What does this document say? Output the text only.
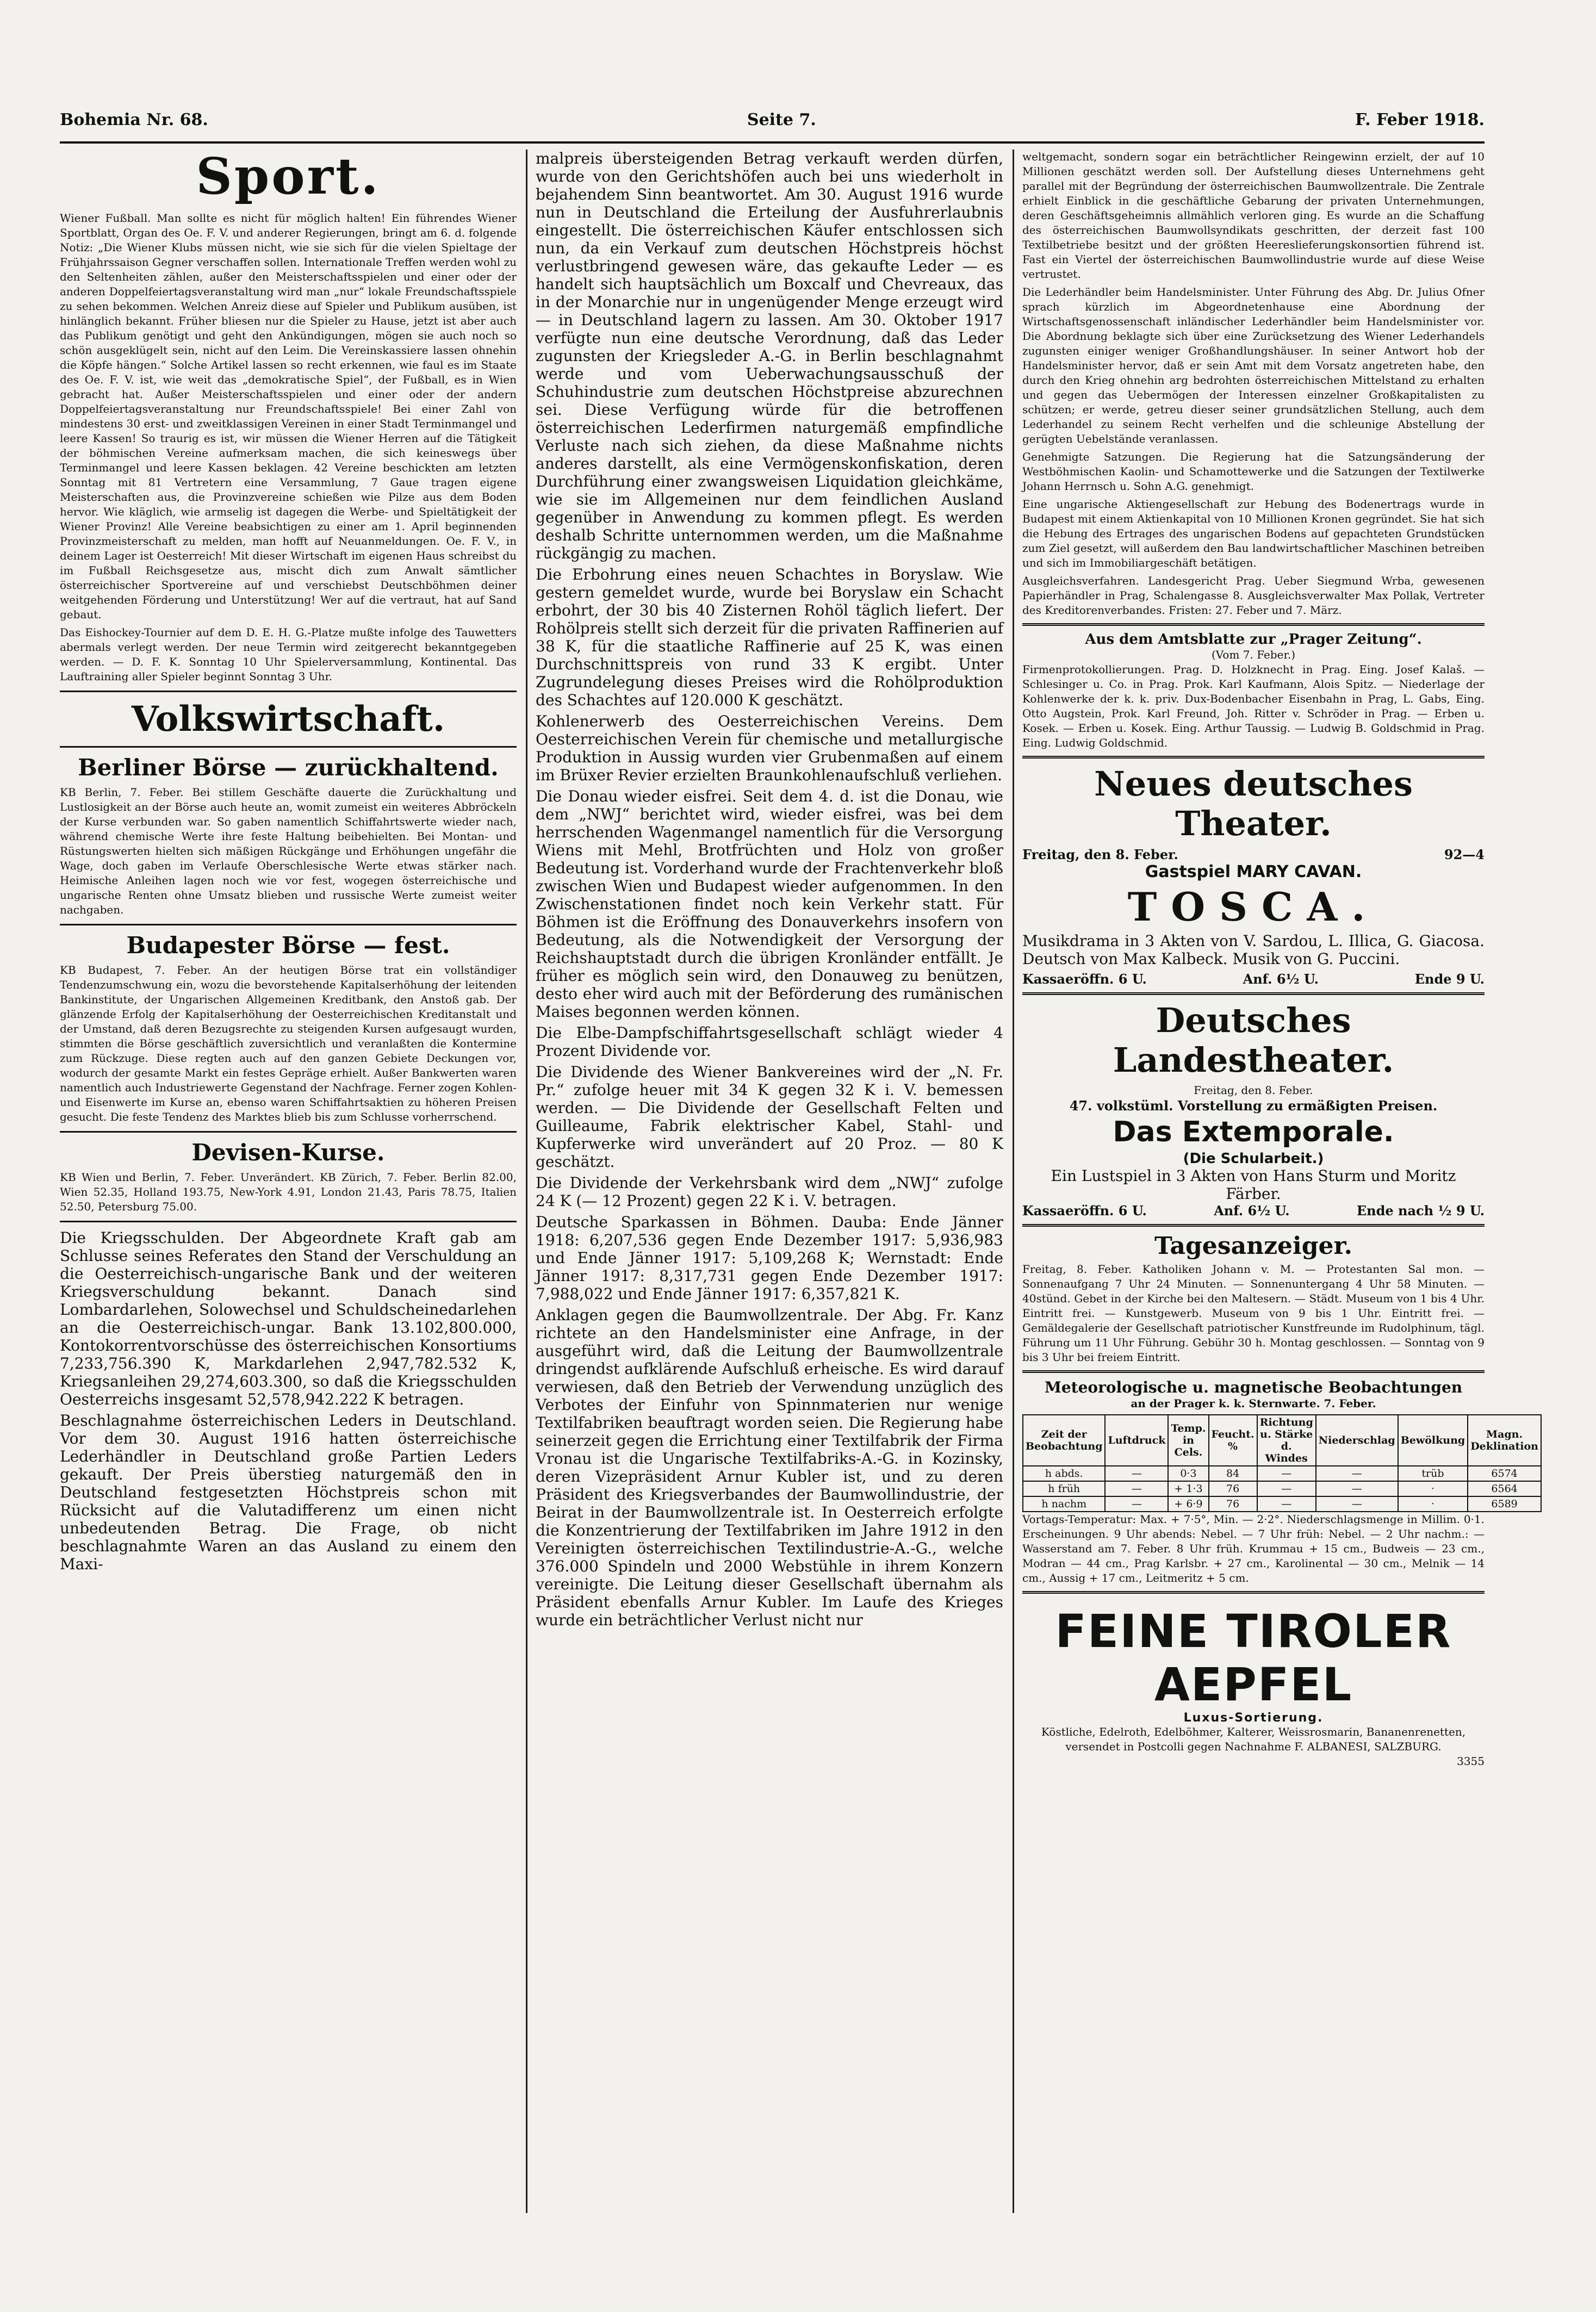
Bohemia Nr. 68.	Seite 7.	F. Feber 1918.
Sport.

Wiener Fußball. Man sollte es nicht für möglich halten! Ein führendes Wiener Sportblatt, Organ des Oe. F. V. und anderer Regierungen, bringt am 6. d. folgende Notiz: „Die Wiener Klubs müssen nicht, wie sie sich für die vielen Spieltage der Frühjahrssaison Gegner verschaffen sollen. Internationale Treffen werden wohl zu den Seltenheiten zählen, außer den Meisterschaftsspielen und einer oder der anderen Doppelfeiertagsveranstaltung wird man „nur“ lokale Freundschaftsspiele zu sehen bekommen. Welchen Anreiz diese auf Spieler und Publikum ausüben, ist hinlänglich bekannt. Früher bliesen nur die Spieler zu Hause, jetzt ist aber auch das Publikum genötigt und geht den Ankündigungen, mögen sie auch noch so schön ausgeklügelt sein, nicht auf den Leim. Die Vereinskassiere lassen ohnehin die Köpfe hängen.“ Solche Artikel lassen so recht erkennen, wie faul es im Staate des Oe. F. V. ist, wie weit das „demokratische Spiel“, der Fußball, es in Wien gebracht hat. Außer Meisterschaftsspielen und einer oder der andern Doppelfeiertagsveranstaltung nur Freundschaftsspiele! Bei einer Zahl von mindestens 30 erst- und zweitklassigen Vereinen in einer Stadt Terminmangel und leere Kassen! So traurig es ist, wir müssen die Wiener Herren auf die Tätigkeit der böhmischen Vereine aufmerksam machen, die sich keineswegs über Terminmangel und leere Kassen beklagen. 42 Vereine beschickten am letzten Sonntag mit 81 Vertretern eine Versammlung, 7 Gaue tragen eigene Meisterschaften aus, die Provinzvereine schießen wie Pilze aus dem Boden hervor. Wie kläglich, wie armselig ist dagegen die Werbe- und Spieltätigkeit der Wiener Provinz! Alle Vereine beabsichtigen zu einer am 1. April beginnenden Provinzmeisterschaft zu melden, man hofft auf Neuanmeldungen. Oe. F. V., in deinem Lager ist Oesterreich! Mit dieser Wirtschaft im eigenen Haus schreibst du im Fußball Reichsgesetze aus, mischt dich zum Anwalt sämtlicher österreichischer Sportvereine auf und verschiebst Deutschböhmen deiner weitgehenden Förderung und Unterstützung! Wer auf die vertraut, hat auf Sand gebaut.

Das Eishockey-Tournier auf dem D. E. H. G.-Platze mußte infolge des Tauwetters abermals verlegt werden. Der neue Termin wird zeitgerecht bekanntgegeben werden. — D. F. K. Sonntag 10 Uhr Spielerversammlung, Kontinental. Das Lauftraining aller Spieler beginnt Sonntag 3 Uhr.

Volkswirtschaft.
Berliner Börse — zurückhaltend.

KB Berlin, 7. Feber. Bei stillem Geschäfte dauerte die Zurückhaltung und Lustlosigkeit an der Börse auch heute an, womit zumeist ein weiteres Abbröckeln der Kurse verbunden war. So gaben namentlich Schiffahrtswerte wieder nach, während chemische Werte ihre feste Haltung beibehielten. Bei Montan- und Rüstungswerten hielten sich mäßigen Rückgänge und Erhöhungen ungefähr die Wage, doch gaben im Verlaufe Oberschlesische Werte etwas stärker nach. Heimische Anleihen lagen noch wie vor fest, wogegen österreichische und ungarische Renten ohne Umsatz blieben und russische Werte zumeist weiter nachgaben.

Budapester Börse — fest.

KB Budapest, 7. Feber. An der heutigen Börse trat ein vollständiger Tendenzumschwung ein, wozu die bevorstehende Kapitalserhöhung der leitenden Bankinstitute, der Ungarischen Allgemeinen Kreditbank, den Anstoß gab. Der glänzende Erfolg der Kapitalserhöhung der Oesterreichischen Kreditanstalt und der Umstand, daß deren Bezugsrechte zu steigenden Kursen aufgesaugt wurden, stimmten die Börse geschäftlich zuversichtlich und veranlaßten die Kontermine zum Rückzuge. Diese regten auch auf den ganzen Gebiete Deckungen vor, wodurch der gesamte Markt ein festes Gepräge erhielt. Außer Bankwerten waren namentlich auch Industriewerte Gegenstand der Nachfrage. Ferner zogen Kohlen- und Eisenwerte im Kurse an, ebenso waren Schiffahrtsaktien zu höheren Preisen gesucht. Die feste Tendenz des Marktes blieb bis zum Schlusse vorherrschend.

Devisen-Kurse.

KB Wien und Berlin, 7. Feber. Unverändert. KB Zürich, 7. Feber. Berlin 82.00, Wien 52.35, Holland 193.75, New-York 4.91, London 21.43, Paris 78.75, Italien 52.50, Petersburg 75.00.

Die Kriegsschulden. Der Abgeordnete Kraft gab am Schlusse seines Referates den Stand der Verschuldung an die Oesterreichisch-ungarische Bank und der weiteren Kriegsverschuldung bekannt. Danach sind Lombardarlehen, Solowechsel und Schuldscheinedarlehen an die Oesterreichisch-ungar. Bank 13.102,800.000, Kontokorrentvorschüsse des österreichischen Konsortiums 7,233,756.390 K, Markdarlehen 2,947,782.532 K, Kriegsanleihen 29,274,603.300, so daß die Kriegsschulden Oesterreichs insgesamt 52,578,942.222 K betragen.

Beschlagnahme österreichischen Leders in Deutschland. Vor dem 30. August 1916 hatten österreichische Lederhändler in Deutschland große Partien Leders gekauft. Der Preis überstieg naturgemäß den in Deutschland festgesetzten Höchstpreis schon mit Rücksicht auf die Valutadifferenz um einen nicht unbedeutenden Betrag. Die Frage, ob nicht beschlagnahmte Waren an das Ausland zu einem den Maxi-

malpreis übersteigenden Betrag verkauft werden dürfen, wurde von den Gerichtshöfen auch bei uns wiederholt in bejahendem Sinn beantwortet. Am 30. August 1916 wurde nun in Deutschland die Erteilung der Ausfuhrerlaubnis eingestellt. Die österreichischen Käufer entschlossen sich nun, da ein Verkauf zum deutschen Höchstpreis höchst verlustbringend gewesen wäre, das gekaufte Leder — es handelt sich hauptsächlich um Boxcalf und Chevreaux, das in der Monarchie nur in ungenügender Menge erzeugt wird — in Deutschland lagern zu lassen. Am 30. Oktober 1917 verfügte nun eine deutsche Verordnung, daß das Leder zugunsten der Kriegsleder A.-G. in Berlin beschlagnahmt werde und vom Ueberwachungsausschuß der Schuhindustrie zum deutschen Höchstpreise abzurechnen sei. Diese Verfügung würde für die betroffenen österreichischen Lederfirmen naturgemäß empfindliche Verluste nach sich ziehen, da diese Maßnahme nichts anderes darstellt, als eine Vermögenskonfiskation, deren Durchführung einer zwangsweisen Liquidation gleichkäme, wie sie im Allgemeinen nur dem feindlichen Ausland gegenüber in Anwendung zu kommen pflegt. Es werden deshalb Schritte unternommen werden, um die Maßnahme rückgängig zu machen.

Die Erbohrung eines neuen Schachtes in Boryslaw. Wie gestern gemeldet wurde, wurde bei Boryslaw ein Schacht erbohrt, der 30 bis 40 Zisternen Rohöl täglich liefert. Der Rohölpreis stellt sich derzeit für die privaten Raffinerien auf 38 K, für die staatliche Raffinerie auf 25 K, was einen Durchschnittspreis von rund 33 K ergibt. Unter Zugrundelegung dieses Preises wird die Rohölproduktion des Schachtes auf 120.000 K geschätzt.

Kohlenerwerb des Oesterreichischen Vereins. Dem Oesterreichischen Verein für chemische und metallurgische Produktion in Aussig wurden vier Grubenmaßen auf einem im Brüxer Revier erzielten Braunkohlenaufschluß verliehen.

Die Donau wieder eisfrei. Seit dem 4. d. ist die Donau, wie dem „NWJ“ berichtet wird, wieder eisfrei, was bei dem herrschenden Wagenmangel namentlich für die Versorgung Wiens mit Mehl, Brotfrüchten und Holz von großer Bedeutung ist. Vorderhand wurde der Frachtenverkehr bloß zwischen Wien und Budapest wieder aufgenommen. In den Zwischenstationen findet noch kein Verkehr statt. Für Böhmen ist die Eröffnung des Donauverkehrs insofern von Bedeutung, als die Notwendigkeit der Versorgung der Reichshauptstadt durch die übrigen Kronländer entfällt. Je früher es möglich sein wird, den Donauweg zu benützen, desto eher wird auch mit der Beförderung des rumänischen Maises begonnen werden können.

Die Elbe-Dampfschiffahrtsgesellschaft schlägt wieder 4 Prozent Dividende vor.

Die Dividende des Wiener Bankvereines wird der „N. Fr. Pr.“ zufolge heuer mit 34 K gegen 32 K i. V. bemessen werden. — Die Dividende der Gesellschaft Felten und Guilleaume, Fabrik elektrischer Kabel, Stahl- und Kupferwerke wird unverändert auf 20 Proz. — 80 K geschätzt.

Die Dividende der Verkehrsbank wird dem „NWJ“ zufolge 24 K (— 12 Prozent) gegen 22 K i. V. betragen.

Deutsche Sparkassen in Böhmen. Dauba: Ende Jänner 1918: 6,207,536 gegen Ende Dezember 1917: 5,936,983 und Ende Jänner 1917: 5,109,268 K; Wernstadt: Ende Jänner 1917: 8,317,731 gegen Ende Dezember 1917: 7,988,022 und Ende Jänner 1917: 6,357,821 K.

Anklagen gegen die Baumwollzentrale. Der Abg. Fr. Kanz richtete an den Handelsminister eine Anfrage, in der ausgeführt wird, daß die Leitung der Baumwollzentrale dringendst aufklärende Aufschluß erheische. Es wird darauf verwiesen, daß den Betrieb der Verwendung unzüglich des Verbotes der Einfuhr von Spinnmaterien nur wenige Textilfabriken beauftragt worden seien. Die Regierung habe seinerzeit gegen die Errichtung einer Textilfabrik der Firma Vronau ist die Ungarische Textilfabriks-A.-G. in Kozinsky, deren Vizepräsident Arnur Kubler ist, und zu deren Präsident des Kriegsverbandes der Baumwollindustrie, der Beirat in der Baumwollzentrale ist. In Oesterreich erfolgte die Konzentrierung der Textilfabriken im Jahre 1912 in den Vereinigten österreichischen Textilindustrie-A.-G., welche 376.000 Spindeln und 2000 Webstühle in ihrem Konzern vereinigte. Die Leitung dieser Gesellschaft übernahm als Präsident ebenfalls Arnur Kubler. Im Laufe des Krieges wurde ein beträchtlicher Verlust nicht nur

weltgemacht, sondern sogar ein beträchtlicher Reingewinn erzielt, der auf 10 Millionen geschätzt werden soll. Der Aufstellung dieses Unternehmens geht parallel mit der Begründung der österreichischen Baumwollzentrale. Die Zentrale erhielt Einblick in die geschäftliche Gebarung der privaten Unternehmungen, deren Geschäftsgeheimnis allmählich verloren ging. Es wurde an die Schaffung des österreichischen Baumwollsyndikats geschritten, der derzeit fast 100 Textilbetriebe besitzt und der größten Heereslieferungskonsortien führend ist. Fast ein Viertel der österreichischen Baumwollindustrie wurde auf diese Weise vertrustet.

Die Lederhändler beim Handelsminister. Unter Führung des Abg. Dr. Julius Ofner sprach kürzlich im Abgeordnetenhause eine Abordnung der Wirtschaftsgenossenschaft inländischer Lederhändler beim Handelsminister vor. Die Abordnung beklagte sich über eine Zurücksetzung des Wiener Lederhandels zugunsten einiger weniger Großhandlungshäuser. In seiner Antwort hob der Handelsminister hervor, daß er sein Amt mit dem Vorsatz angetreten habe, den durch den Krieg ohnehin arg bedrohten österreichischen Mittelstand zu erhalten und gegen das Uebermögen der Interessen einzelner Großkapitalisten zu schützen; er werde, getreu dieser seiner grundsätzlichen Stellung, auch dem Lederhandel zu seinem Recht verhelfen und die schleunige Abstellung der gerügten Uebelstände veranlassen.

Genehmigte Satzungen. Die Regierung hat die Satzungsänderung der Westböhmischen Kaolin- und Schamottewerke und die Satzungen der Textilwerke Johann Herrnsch u. Sohn A.G. genehmigt.

Eine ungarische Aktiengesellschaft zur Hebung des Bodenertrags wurde in Budapest mit einem Aktienkapital von 10 Millionen Kronen gegründet. Sie hat sich die Hebung des Ertrages des ungarischen Bodens auf gepachteten Grundstücken zum Ziel gesetzt, will außerdem den Bau landwirtschaftlicher Maschinen betreiben und sich im Immobiliargeschäft betätigen.

Ausgleichsverfahren. Landesgericht Prag. Ueber Siegmund Wrba, gewesenen Papierhändler in Prag, Schalengasse 8. Ausgleichsverwalter Max Pollak, Vertreter des Kreditorenverbandes. Fristen: 27. Feber und 7. März.

Aus dem Amtsblatte zur „Prager Zeitung“.
(Vom 7. Feber.)

Firmenprotokollierungen. Prag. D. Holzknecht in Prag. Eing. Josef Kalaš. — Schlesinger u. Co. in Prag. Prok. Karl Kaufmann, Alois Spitz. — Niederlage der Kohlenwerke der k. k. priv. Dux-Bodenbacher Eisenbahn in Prag, L. Gabs, Eing. Otto Augstein, Prok. Karl Freund, Joh. Ritter v. Schröder in Prag. — Erben u. Kosek. — Erben u. Kosek. Eing. Arthur Taussig. — Ludwig B. Goldschmid in Prag. Eing. Ludwig Goldschmid.

Neues deutsches Theater.
Freitag, den 8. Feber.	92—4
Gastspiel MARY CAVAN.
TOSCA.

Musikdrama in 3 Akten von V. Sardou, L. Illica, G. Giacosa. Deutsch von Max Kalbeck. Musik von G. Puccini.

Kassaeröffn. 6 U.	Anf. 6½ U.	Ende 9 U.
Deutsches Landestheater.
Freitag, den 8. Feber.
47. volkstüml. Vorstellung zu ermäßigten Preisen.
Das Extemporale.
(Die Schularbeit.)
Ein Lustspiel in 3 Akten von Hans Sturm und Moritz Färber.
Kassaeröffn. 6 U.	Anf. 6½ U.	Ende nach ½ 9 U.
Tagesanzeiger.

Freitag, 8. Feber. Katholiken Johann v. M. — Protestanten Sal mon. — Sonnenaufgang 7 Uhr 24 Minuten. — Sonnenuntergang 4 Uhr 58 Minuten. — 40stünd. Gebet in der Kirche bei den Maltesern. — Städt. Museum von 1 bis 4 Uhr. Eintritt frei. — Kunstgewerb. Museum von 9 bis 1 Uhr. Eintritt frei. — Gemäldegalerie der Gesellschaft patriotischer Kunstfreunde im Rudolphinum, tägl. Führung um 11 Uhr Führung. Gebühr 30 h. Montag geschlossen. — Sonntag von 9 bis 3 Uhr bei freiem Eintritt.

Meteorologische u. magnetische Beobachtungen
an der Prager k. k. Sternwarte. 7. Feber.
Zeit der Beobachtung	Luftdruck	Temp. in Cels.	Feucht. %	Richtung u. Stärke d. Windes	Niederschlag	Bewölkung	Magn. Deklination
h abds.	—	0·3	84	—	—	trüb	6574
h früh	—	+ 1·3	76	—	—	·	6564
h nachm	—	+ 6·9	76	—	—	·	6589

Vortags-Temperatur: Max. + 7·5°, Min. — 2·2°. Niederschlagsmenge in Millim. 0·1. Erscheinungen. 9 Uhr abends: Nebel. — 7 Uhr früh: Nebel. — 2 Uhr nachm.: — Wasserstand am 7. Feber. 8 Uhr früh. Krummau + 15 cm., Budweis — 23 cm., Modran — 44 cm., Prag Karlsbr. + 27 cm., Karolinental — 30 cm., Melnik — 14 cm., Aussig + 17 cm., Leitmeritz + 5 cm.

FEINE TIROLER AEPFEL
Luxus-Sortierung.
Köstliche, Edelroth, Edelböhmer, Kalterer, Weissrosmarin, Bananenrenetten, versendet in Postcolli gegen Nachnahme F. ALBANESI, SALZBURG.
3355
